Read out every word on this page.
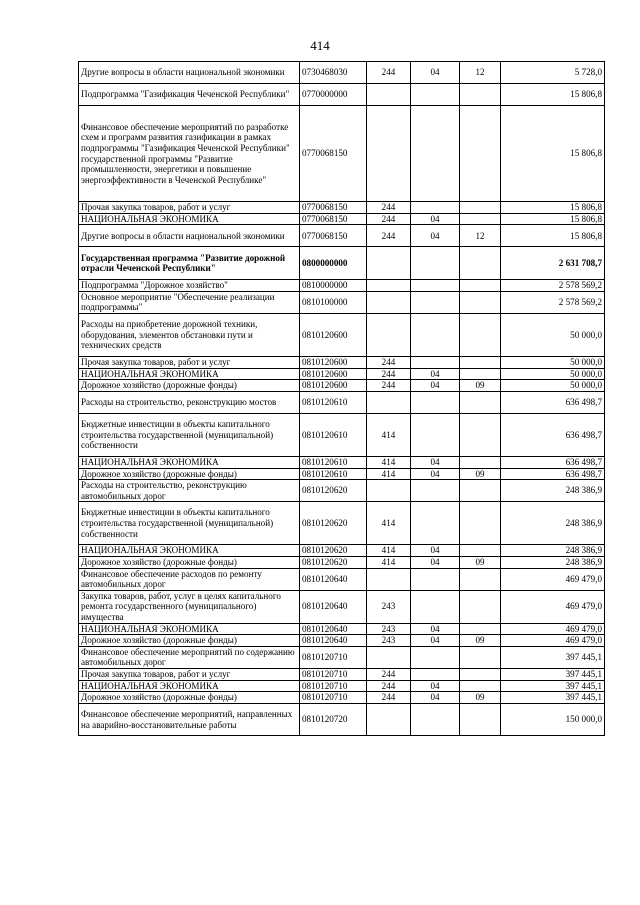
414
Другие вопросы в области национальной экономики	0730468030	244	04	12	5 728,0
Подпрограмма "Газификация Чеченской Республики"	0770000000				15 806,8
Финансовое обеспечение мероприятий по разработке схем и программ развития газификации в рамках подпрограммы "Газификация Чеченской Республики" государственной программы "Развитие промышленности, энергетики и повышение энергоэффективности в Чеченской Республике"	0770068150				15 806,8
Прочая закупка товаров, работ и услуг	0770068150	244			15 806,8
НАЦИОНАЛЬНАЯ ЭКОНОМИКА	0770068150	244	04		15 806,8
Другие вопросы в области национальной экономики	0770068150	244	04	12	15 806,8
Государственная программа "Развитие дорожной отрасли Чеченской Республики"	0800000000				2 631 708,7
Подпрограмма "Дорожное хозяйство"	0810000000				2 578 569,2
Основное мероприятие "Обеспечение реализации подпрограммы"	0810100000				2 578 569,2
Расходы на приобретение дорожной техники, оборудования, элементов обстановки пути и технических средств	0810120600				50 000,0
Прочая закупка товаров, работ и услуг	0810120600	244			50 000,0
НАЦИОНАЛЬНАЯ ЭКОНОМИКА	0810120600	244	04		50 000,0
Дорожное хозяйство (дорожные фонды)	0810120600	244	04	09	50 000,0
Расходы на строительство, реконструкцию мостов	0810120610				636 498,7
Бюджетные инвестиции в объекты капитального строительства государственной (муниципальной) собственности	0810120610	414			636 498,7
НАЦИОНАЛЬНАЯ ЭКОНОМИКА	0810120610	414	04		636 498,7
Дорожное хозяйство (дорожные фонды)	0810120610	414	04	09	636 498,7
Расходы на строительство, реконструкцию автомобильных дорог	0810120620				248 386,9
Бюджетные инвестиции в объекты капитального строительства государственной (муниципальной) собственности	0810120620	414			248 386,9
НАЦИОНАЛЬНАЯ ЭКОНОМИКА	0810120620	414	04		248 386,9
Дорожное хозяйство (дорожные фонды)	0810120620	414	04	09	248 386,9
Финансовое обеспечение расходов по ремонту автомобильных дорог	0810120640				469 479,0
Закупка товаров, работ, услуг в целях капитального ремонта государственного (муниципального) имущества	0810120640	243			469 479,0
НАЦИОНАЛЬНАЯ ЭКОНОМИКА	0810120640	243	04		469 479,0
Дорожное хозяйство (дорожные фонды)	0810120640	243	04	09	469 479,0
Финансовое обеспечение мероприятий по содержанию автомобильных дорог	0810120710				397 445,1
Прочая закупка товаров, работ и услуг	0810120710	244			397 445,1
НАЦИОНАЛЬНАЯ ЭКОНОМИКА	0810120710	244	04		397 445,1
Дорожное хозяйство (дорожные фонды)	0810120710	244	04	09	397 445,1
Финансовое обеспечение мероприятий, направленных на аварийно-восстановительные работы	0810120720				150 000,0
